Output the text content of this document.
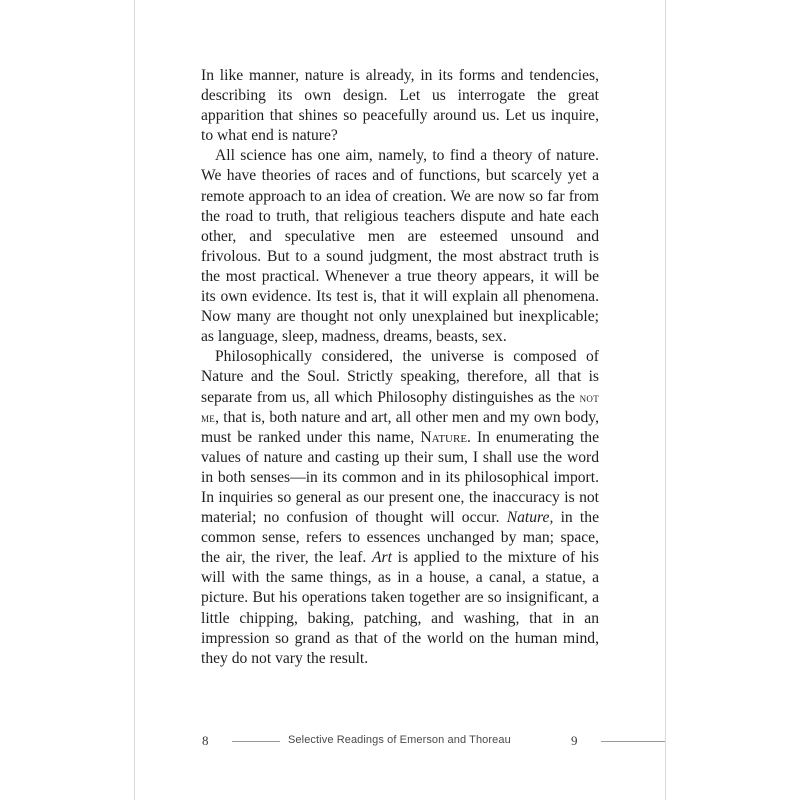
In like manner, nature is already, in its forms and tendencies, describing its own design. Let us interrogate the great apparition that shines so peacefully around us. Let us inquire, to what end is nature?

All science has one aim, namely, to find a theory of nature. We have theories of races and of functions, but scarcely yet a remote approach to an idea of creation. We are now so far from the road to truth, that religious teachers dispute and hate each other, and speculative men are esteemed unsound and frivolous. But to a sound judgment, the most abstract truth is the most practical. Whenever a true theory appears, it will be its own evidence. Its test is, that it will explain all phenomena. Now many are thought not only unexplained but inexplicable; as language, sleep, madness, dreams, beasts, sex.

Philosophically considered, the universe is composed of Nature and the Soul. Strictly speaking, therefore, all that is separate from us, all which Philosophy distinguishes as the not me, that is, both nature and art, all other men and my own body, must be ranked under this name, Nature. In enumerating the values of nature and casting up their sum, I shall use the word in both senses—in its common and in its philosophical import. In inquiries so general as our present one, the inaccuracy is not material; no confusion of thought will occur. Nature, in the common sense, refers to essences unchanged by man; space, the air, the river, the leaf. Art is applied to the mixture of his will with the same things, as in a house, a canal, a statue, a picture. But his operations taken together are so insignificant, a little chipping, baking, patching, and washing, that in an impression so grand as that of the world on the human mind, they do not vary the result.

8	Selective Readings of Emerson and Thoreau	9
